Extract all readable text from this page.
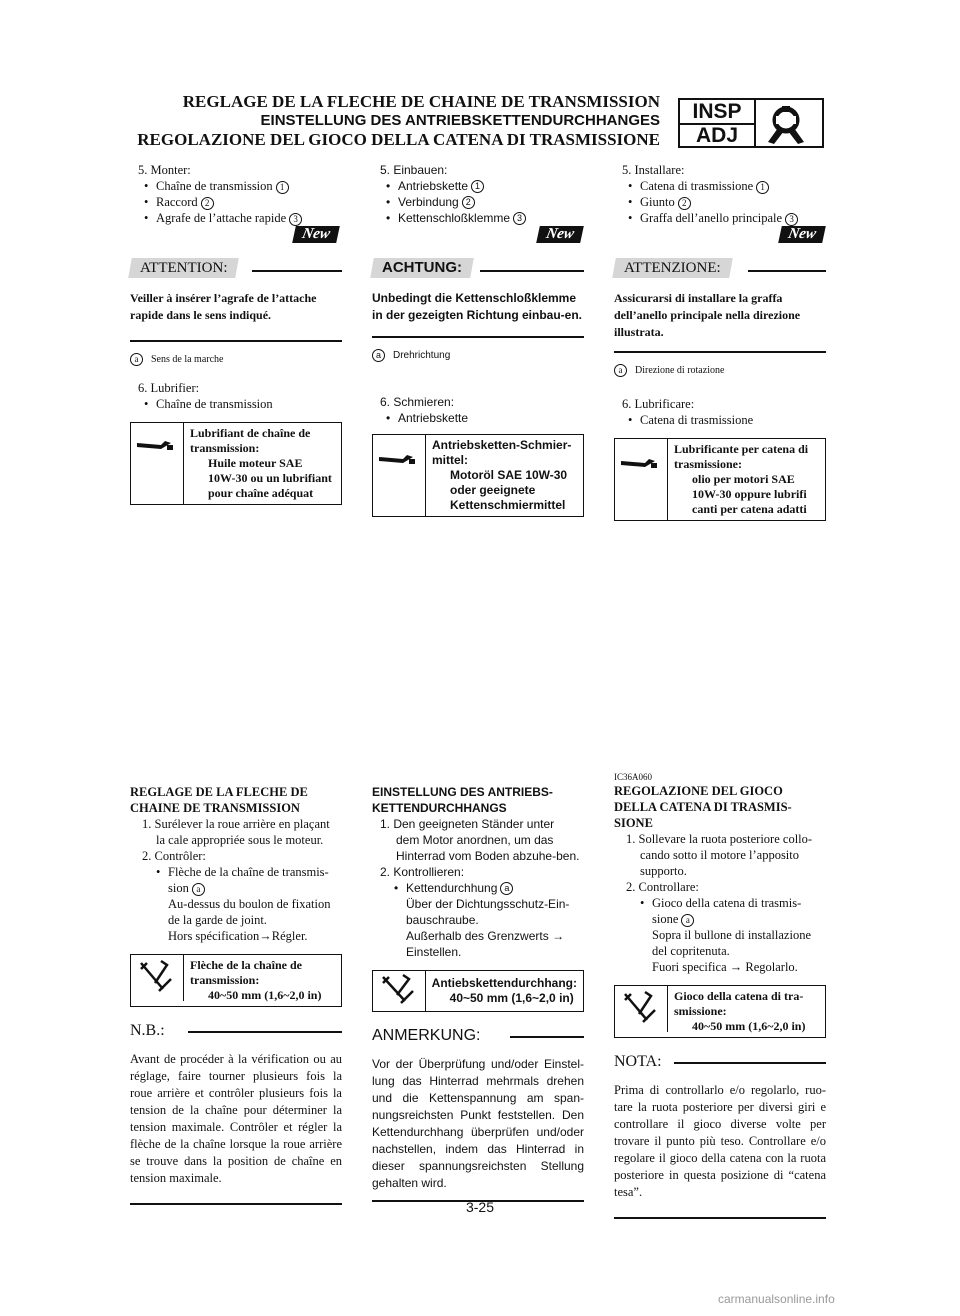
REGLAGE DE LA FLECHE DE CHAINE DE TRANSMISSION
EINSTELLUNG DES ANTRIEBSKETTENDURCHHANGES
REGOLAZIONE DEL GIOCO DELLA CATENA DI TRASMISSIONE
INSP
ADJ
5. Monter:
• Chaîne de transmission 1
• Raccord 2
• Agrafe de l’attache rapide 3
New
ATTENTION:
Veiller à insérer l’agrafe de l’attache rapide dans le sens indiqué.
a Sens de la marche
6. Lubrifier:
• Chaîne de transmission
Lubrifiant de chaîne de
transmission:
Huile moteur SAE
10W-30 ou un lubrifiant
pour chaîne adéquat
REGLAGE DE LA FLECHE DE
CHAINE DE TRANSMISSION
1. Surélever la roue arrière en plaçant
la cale appropriée sous le moteur.
2. Contrôler:
• Flèche de la chaîne de transmis-
sion a
Au-dessus du boulon de fixation
de la garde de joint.
Hors spécification→Régler.
Flèche de la chaîne de
transmission:
40~50 mm (1,6~2,0 in)
N.B.:
Avant de procéder à la vérification ou au réglage, faire tourner plusieurs fois la roue arrière et contrôler plusieurs fois la tension de la chaîne pour déterminer la tension maximale. Contrôler et régler la flèche de la chaîne lorsque la roue arrière se trouve dans la position de chaîne en tension maximale.
5. Einbauen:
• Antriebskette 1
• Verbindung 2
• Kettenschloßklemme 3
New
ACHTUNG:
Unbedingt die Kettenschloßklemme in der gezeigten Richtung einbau-en.
a Drehrichtung
6. Schmieren:
• Antriebskette
Antriebsketten-Schmier-
mittel:
Motoröl SAE 10W-30
oder geeignete
Kettenschmiermittel
EINSTELLUNG DES ANTRIEBS-
KETTENDURCHHANGS
1. Den geeigneten Ständer unter
dem Motor anordnen, um das Hinterrad vom Boden abzuhe-ben.
2. Kontrollieren:
• Kettendurchhung a
Über der Dichtungsschutz-Ein-bauschraube.
Außerhalb des Grenzwerts → Einstellen.
Antiebskettendurchhang:
40~50 mm (1,6~2,0 in)
ANMERKUNG:
Vor der Überprüfung und/oder Einstel-lung das Hinterrad mehrmals drehen und die Kettenspannung am span-nungsreichsten Punkt feststellen. Den Kettendurchhang überprüfen und/oder nachstellen, indem das Hinterrad in dieser spannungsreichsten Stellung gehalten wird.
5. Installare:
• Catena di trasmissione 1
• Giunto 2
• Graffa dell’anello principale 3
New
ATTENZIONE:
Assicurarsi di installare la graffa dell’anello principale nella direzione illustrata.
a Direzione di rotazione
6. Lubrificare:
• Catena di trasmissione
Lubrificante per catena di
trasmissione:
olio per motori SAE
10W-30 oppure lubrifi
canti per catena adatti
IC36A060
REGOLAZIONE DEL GIOCO
DELLA CATENA DI TRASMIS-
SIONE
1. Sollevare la ruota posteriore collo-
cando sotto il motore l’apposito supporto.
2. Controllare:
• Gioco della catena di trasmis-
sione a
Sopra il bullone di installazione del copritenuta.
Fuori specifica → Regolarlo.
Gioco della catena di tra-
smissione:
40~50 mm (1,6~2,0 in)
NOTA:
Prima di controllarlo e/o regolarlo, ruo-tare la ruota posteriore per diversi giri e controllare il gioco diverse volte per trovare il punto più teso. Controllare e/o regolare il gioco della catena con la ruota posteriore in questa posizione di “catena tesa”.
3-25
carmanualsonline.info
